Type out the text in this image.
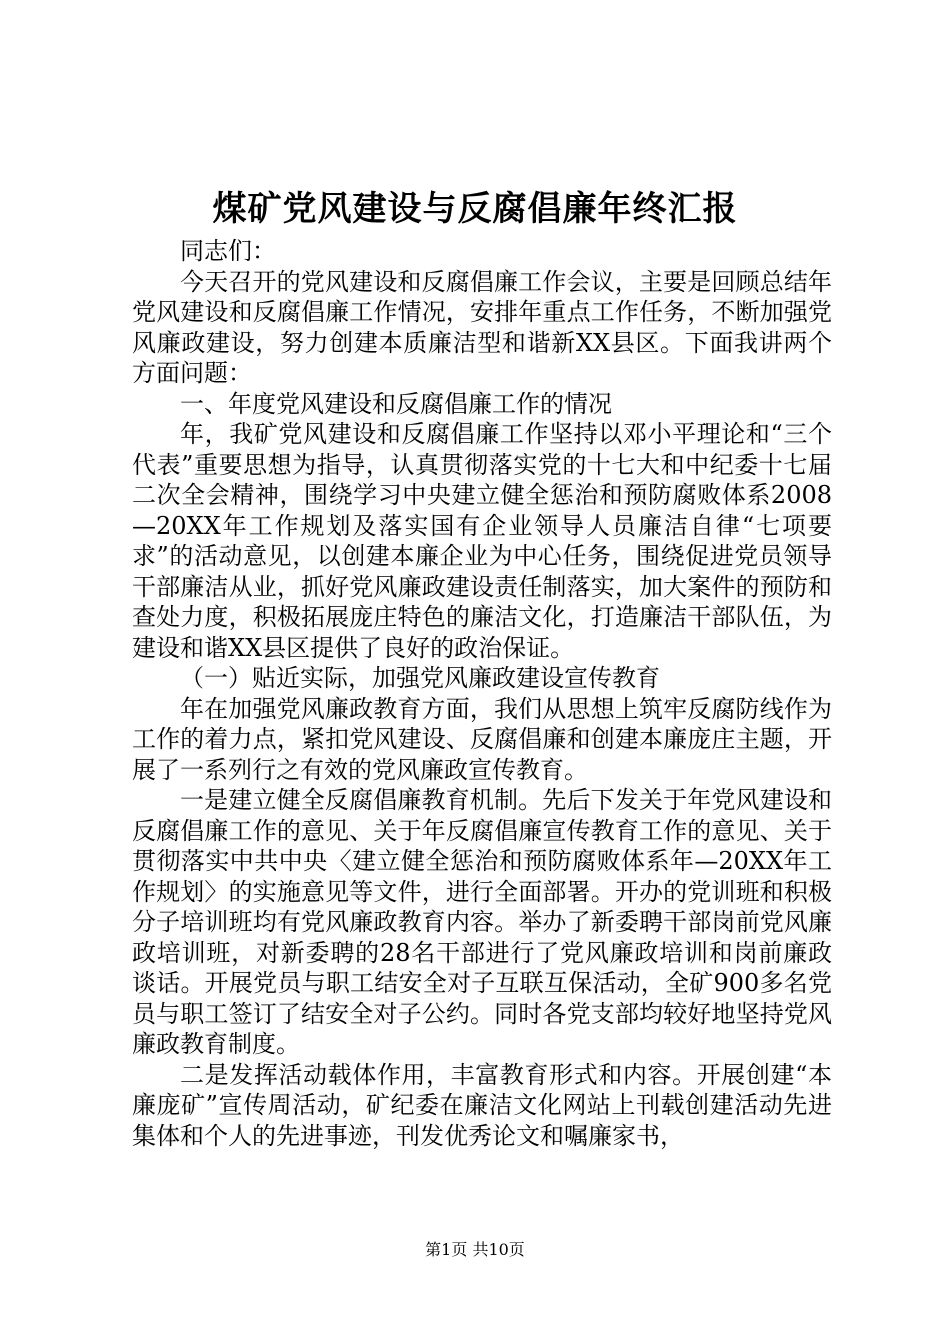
煤矿党风建设与反腐倡廉年终汇报

同志们：

今天召开的党风建设和反腐倡廉工作会议，主要是回顾总结年党风建设和反腐倡廉工作情况，安排年重点工作任务，不断加强党风廉政建设，努力创建本质廉洁型和谐新XX县区。下面我讲两个方面问题：

一、年度党风建设和反腐倡廉工作的情况

年，我矿党风建设和反腐倡廉工作坚持以邓小平理论和“三个代表”重要思想为指导，认真贯彻落实党的十七大和中纪委十七届二次全会精神，围绕学习中央建立健全惩治和预防腐败体系2008—20XX年工作规划及落实国有企业领导人员廉洁自律“七项要求”的活动意见，以创建本廉企业为中心任务，围绕促进党员领导干部廉洁从业，抓好党风廉政建设责任制落实，加大案件的预防和查处力度，积极拓展庞庄特色的廉洁文化，打造廉洁干部队伍，为建设和谐XX县区提供了良好的政治保证。

（一）贴近实际，加强党风廉政建设宣传教育

年在加强党风廉政教育方面，我们从思想上筑牢反腐防线作为工作的着力点，紧扣党风建设、反腐倡廉和创建本廉庞庄主题，开展了一系列行之有效的党风廉政宣传教育。

一是建立健全反腐倡廉教育机制。先后下发关于年党风建设和反腐倡廉工作的意见、关于年反腐倡廉宣传教育工作的意见、关于贯彻落实中共中央〈建立健全惩治和预防腐败体系年—20XX年工作规划〉的实施意见等文件，进行全面部署。开办的党训班和积极分子培训班均有党风廉政教育内容。举办了新委聘干部岗前党风廉政培训班，对新委聘的28名干部进行了党风廉政培训和岗前廉政谈话。开展党员与职工结安全对子互联互保活动，全矿900多名党员与职工签订了结安全对子公约。同时各党支部均较好地坚持党风廉政教育制度。

二是发挥活动载体作用，丰富教育形式和内容。开展创建“本廉庞矿”宣传周活动，矿纪委在廉洁文化网站上刊载创建活动先进集体和个人的先进事迹，刊发优秀论文和嘱廉家书，

第1页 共10页
